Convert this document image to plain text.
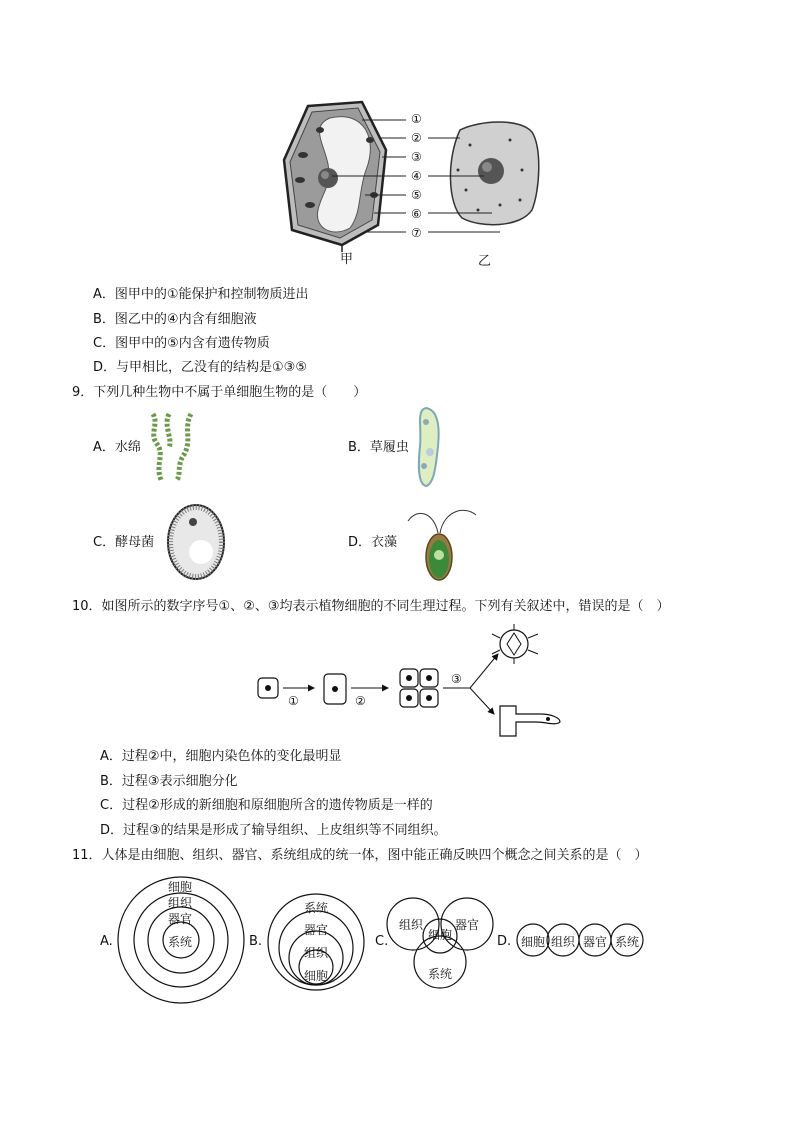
①
②
③
④
⑤
⑥
⑦
甲	乙
A．图甲中的①能保护和控制物质进出
B．图乙中的④内含有细胞液
C．图甲中的⑤内含有遗传物质
D．与甲相比，乙没有的结构是①③⑤
9．下列几种生物中不属于单细胞生物的是（　　）
A．水绵	B．草履虫
C．酵母菌	D．衣藻
10．如图所示的数字序号①、②、③均表示植物细胞的不同生理过程。下列有关叙述中，错误的是（　）
①	②
③
A．过程②中，细胞内染色体的变化最明显
B．过程③表示细胞分化
C．过程②形成的新细胞和原细胞所含的遗传物质是一样的
D．过程③的结果是形成了输导组织、上皮组织等不同组织。
11．人体是由细胞、组织、器官、系统组成的统一体，图中能正确反映四个概念之间关系的是（　）
A.	B.	C.	D.
细胞
组织
器官
系统
系统
器官
组织
细胞
组织	器官
细胞
系统
细胞 组织 器官 系统
